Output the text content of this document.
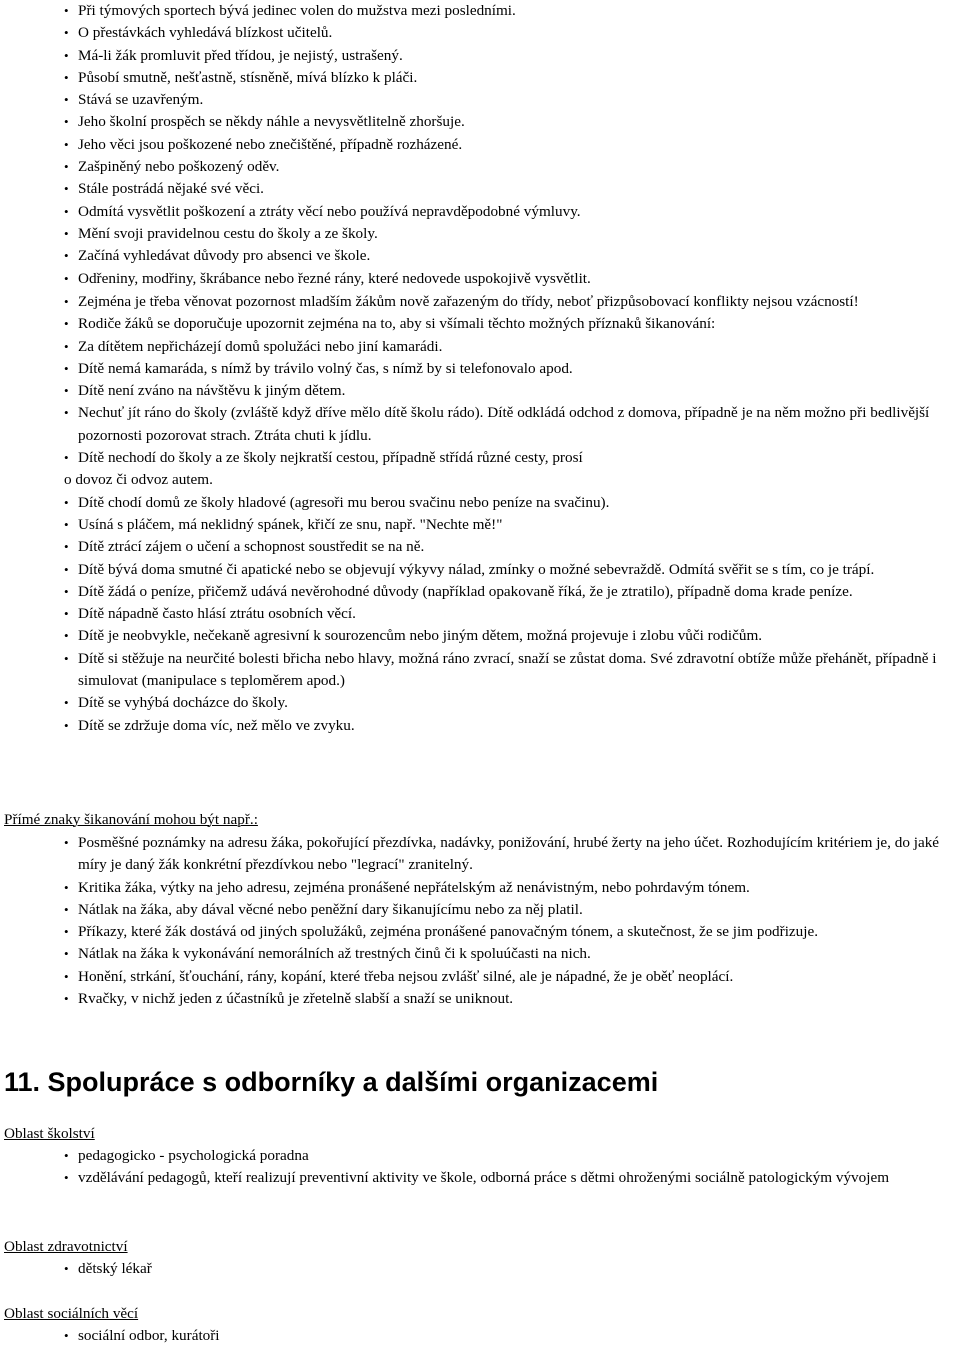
• Při týmových sportech bývá jedinec volen do mužstva mezi posledními.
• O přestávkách vyhledává blízkost učitelů.
• Má-li žák promluvit před třídou, je nejistý, ustrašený.
• Působí smutně, nešťastně, stísněně, mívá blízko k pláči.
• Stává se uzavřeným.
• Jeho školní prospěch se někdy náhle a nevysvětlitelně zhoršuje.
• Jeho věci jsou poškozené nebo znečištěné, případně rozházené.
• Zašpiněný nebo poškozený oděv.
• Stále postrádá nějaké své věci.
• Odmítá vysvětlit poškození a ztráty věcí nebo používá nepravděpodobné výmluvy.
• Mění svoji pravidelnou cestu do školy a ze školy.
• Začíná vyhledávat důvody pro absenci ve škole.
• Odřeniny, modřiny, škrábance nebo řezné rány, které nedovede uspokojivě vysvětlit.
• Zejména je třeba věnovat pozornost mladším žákům nově zařazeným do třídy, neboť přizpůsobovací konflikty nejsou vzácností!
• Rodiče žáků se doporučuje upozornit zejména na to, aby si všímali těchto možných příznaků šikanování:
• Za dítětem nepřicházejí domů spolužáci nebo jiní kamarádi.
• Dítě nemá kamaráda, s nímž by trávilo volný čas, s nímž by si telefonovalo apod.
• Dítě není zváno na návštěvu k jiným dětem.
• Nechuť jít ráno do školy (zvláště když dříve mělo dítě školu rádo). Dítě odkládá odchod z domova, případně je na něm možno při bedlivější pozornosti pozorovat strach. Ztráta chuti k jídlu.
• Dítě nechodí do školy a ze školy nejkratší cestou, případně střídá různé cesty, prosí
o dovoz či odvoz autem.
• Dítě chodí domů ze školy hladové (agresoři mu berou svačinu nebo peníze na svačinu).
• Usíná s pláčem, má neklidný spánek, křičí ze snu, např. "Nechte mě!"
• Dítě ztrácí zájem o učení a schopnost soustředit se na ně.
• Dítě bývá doma smutné či apatické nebo se objevují výkyvy nálad, zmínky o možné sebevraždě. Odmítá svěřit se s tím, co je trápí.
• Dítě žádá o peníze, přičemž udává nevěrohodné důvody (například opakovaně říká, že je ztratilo), případně doma krade peníze.
• Dítě nápadně často hlásí ztrátu osobních věcí.
• Dítě je neobvykle, nečekaně agresivní k sourozencům nebo jiným dětem, možná projevuje i zlobu vůči rodičům.
• Dítě si stěžuje na neurčité bolesti břicha nebo hlavy, možná ráno zvrací, snaží se zůstat doma. Své zdravotní obtíže může přehánět, případně i simulovat (manipulace s teploměrem apod.)
• Dítě se vyhýbá docházce do školy.
• Dítě se zdržuje doma víc, než mělo ve zvyku.
Přímé znaky šikanování mohou být např.:
• Posměšné poznámky na adresu žáka, pokořující přezdívka, nadávky, ponižování, hrubé žerty na jeho účet. Rozhodujícím kritériem je, do jaké míry je daný žák konkrétní přezdívkou nebo "legrací" zranitelný.
• Kritika žáka, výtky na jeho adresu, zejména pronášené nepřátelským až nenávistným, nebo pohrdavým tónem.
• Nátlak na žáka, aby dával věcné nebo peněžní dary šikanujícímu nebo za něj platil.
• Příkazy, které žák dostává od jiných spolužáků, zejména pronášené panovačným tónem, a skutečnost, že se jim podřizuje.
• Nátlak na žáka k vykonávání nemorálních až trestných činů či k spoluúčasti na nich.
• Honění, strkání, šťouchání, rány, kopání, které třeba nejsou zvlášť silné, ale je nápadné, že je oběť neoplácí.
• Rvačky, v nichž jeden z účastníků je zřetelně slabší a snaží se uniknout.
11. Spolupráce s odborníky a dalšími organizacemi
Oblast školství
• pedagogicko - psychologická poradna
• vzdělávání pedagogů, kteří realizují preventivní aktivity ve škole, odborná práce s dětmi ohroženými sociálně patologickým vývojem
Oblast zdravotnictví
• dětský lékař
Oblast sociálních věcí
• sociální odbor, kurátoři
